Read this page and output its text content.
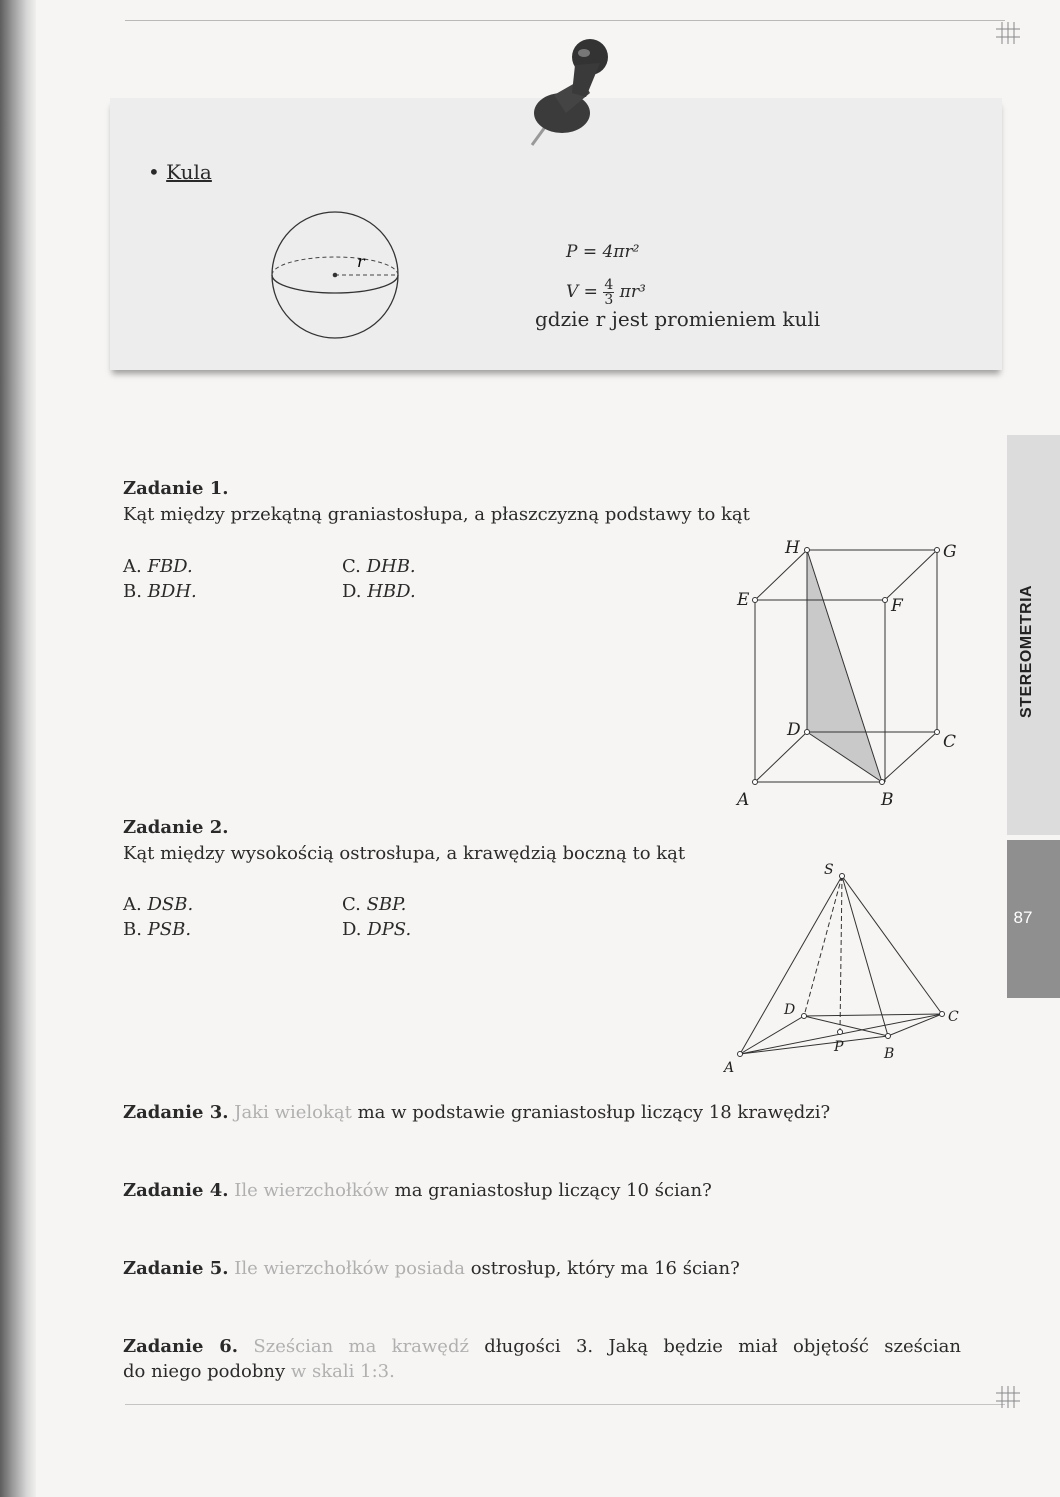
• Kula
r	P = 4πr²
$V = \frac{4}{3} \pi r^3$
gdzie r jest promieniem kuli
Zadanie 1.
Kąt między przekątną graniastosłupa, a płaszczyzną podstawy to kąt
A. FBD.
B. BDH.
C. DHB.
D. HBD.
H	G
E	F
D
C
A	B
Zadanie 2.
Kąt między wysokością ostrosłupa, a krawędzią boczną to kąt
A. DSB.
B. PSB.
C. SBP.
D. DPS.
S
D	C
P
A
B
Zadanie 3. Jaki wielokąt ma w podstawie graniastosłup liczący 18 krawędzi?
Zadanie 4. Ile wierzchołków ma graniastosłup liczący 10 ścian?
Zadanie 5. Ile wierzchołków posiada ostrosłup, który ma 16 ścian?
Zadanie 6. Sześcian ma krawędź długości 3. Jaką będzie miał objętość sześcian
do niego podobny w skali 1:3.
STEREOMETRIA
87
